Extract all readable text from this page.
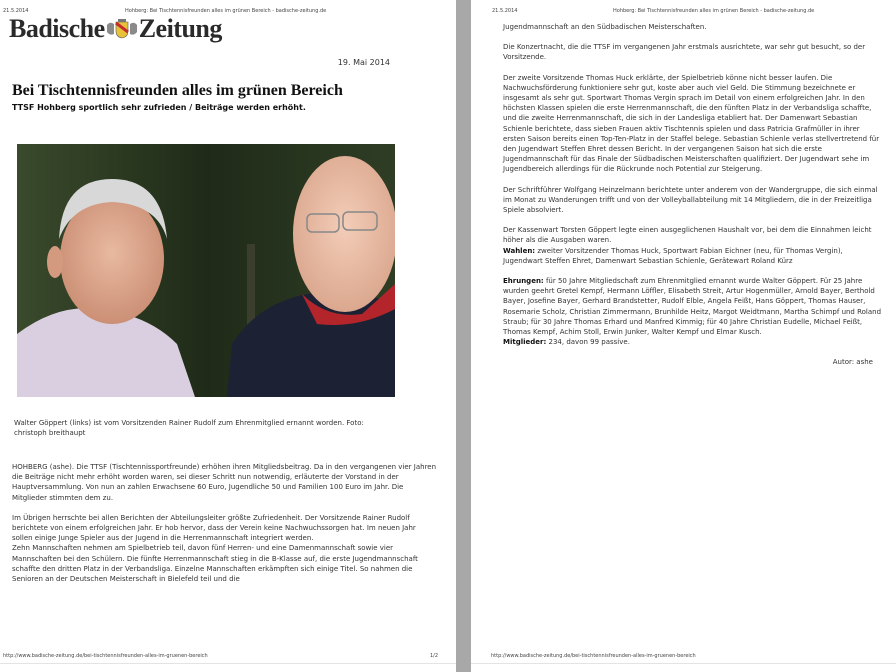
21.5.2014	Hohberg: Bei Tischtennisfreunden alles im grünen Bereich - badische-zeitung.de
Badische Zeitung
19. Mai 2014
Bei Tischtennisfreunden alles im grünen Bereich
TTSF Hohberg sportlich sehr zufrieden / Beiträge werden erhöht.
Walter Göppert (links) ist vom Vorsitzenden Rainer Rudolf zum Ehrenmitglied ernannt worden. Foto: christoph breithaupt

HOHBERG (ashe). Die TTSF (Tischtennissportfreunde) erhöhen ihren Mitgliedsbeitrag. Da in den vergangenen vier Jahren die Beiträge nicht mehr erhöht worden waren, sei dieser Schritt nun notwendig, erläuterte der Vorstand in der Hauptversammlung. Von nun an zahlen Erwachsene 60 Euro, Jugendliche 50 und Familien 100 Euro im Jahr. Die Mitglieder stimmten dem zu.

Im Übrigen herrschte bei allen Berichten der Abteilungsleiter größte Zufriedenheit. Der Vorsitzende Rainer Rudolf berichtete von einem erfolgreichen Jahr. Er hob hervor, dass der Verein keine Nachwuchssorgen hat. Im neuen Jahr sollen einige Junge Spieler aus der Jugend in die Herrenmannschaft integriert werden.

Zehn Mannschaften nehmen am Spielbetrieb teil, davon fünf Herren- und eine Damenmannschaft sowie vier Mannschaften bei den Schülern. Die fünfte Herrenmannschaft stieg in die B-Klasse auf, die erste Jugendmannschaft schaffte den dritten Platz in der Verbandsliga. Einzelne Mannschaften erkämpften sich einige Titel. So nahmen die Senioren an der Deutschen Meisterschaft in Bielefeld teil und die

http://www.badische-zeitung.de/bei-tischtennisfreunden-alles-im-gruenen-bereich	1/2
21.5.2014	Hohberg: Bei Tischtennisfreunden alles im grünen Bereich - badische-zeitung.de

Jugendmannschaft an den Südbadischen Meisterschaften.

Die Konzertnacht, die die TTSF im vergangenen Jahr erstmals ausrichtete, war sehr gut besucht, so der Vorsitzende.

Der zweite Vorsitzende Thomas Huck erklärte, der Spielbetrieb könne nicht besser laufen. Die Nachwuchsförderung funktioniere sehr gut, koste aber auch viel Geld. Die Stimmung bezeichnete er insgesamt als sehr gut. Sportwart Thomas Vergin sprach im Detail von einem erfolgreichen Jahr. In den höchsten Klassen spielen die erste Herrenmannschaft, die den fünften Platz in der Verbandsliga schaffte, und die zweite Herrenmannschaft, die sich in der Landesliga etabliert hat. Der Damenwart Sebastian Schienle berichtete, dass sieben Frauen aktiv Tischtennis spielen und dass Patricia Grafmüller in ihrer ersten Saison bereits einen Top-Ten-Platz in der Staffel belege. Sebastian Schienle verlas stellvertretend für den Jugendwart Steffen Ehret dessen Bericht. In der vergangenen Saison hat sich die erste Jugendmannschaft für das Finale der Südbadischen Meisterschaften qualifiziert. Der Jugendwart sehe im Jugendbereich allerdings für die Rückrunde noch Potential zur Steigerung.

Der Schriftführer Wolfgang Heinzelmann berichtete unter anderem von der Wandergruppe, die sich einmal im Monat zu Wanderungen trifft und von der Volleyballabteilung mit 14 Mitgliedern, die in der Freizeitliga Spiele absolviert.

Der Kassenwart Torsten Göppert legte einen ausgeglichenen Haushalt vor, bei dem die Einnahmen leicht höher als die Ausgaben waren.

Wahlen: zweiter Vorsitzender Thomas Huck, Sportwart Fabian Eichner (neu, für Thomas Vergin), Jugendwart Steffen Ehret, Damenwart Sebastian Schienle, Gerätewart Roland Kürz

Ehrungen: für 50 Jahre Mitgliedschaft zum Ehrenmitglied ernannt wurde Walter Göppert. Für 25 Jahre wurden geehrt Gretel Kempf, Hermann Löffler, Elisabeth Streit, Artur Hogenmüller, Arnold Bayer, Berthold Bayer, Josefine Bayer, Gerhard Brandstetter, Rudolf Elble, Angela Feißt, Hans Göppert, Thomas Hauser, Rosemarie Scholz, Christian Zimmermann, Brunhilde Heitz, Margot Weidtmann, Martha Schimpf und Roland Straub; für 30 Jahre Thomas Erhard und Manfred Kimmig; für 40 Jahre Christian Eudelle, Michael Feißt, Thomas Kempf, Achim Stoll, Erwin Junker, Walter Kempf und Elmar Kusch.

Mitglieder: 234, davon 99 passive.

Autor: ashe

http://www.badische-zeitung.de/bei-tischtennisfreunden-alles-im-gruenen-bereich
